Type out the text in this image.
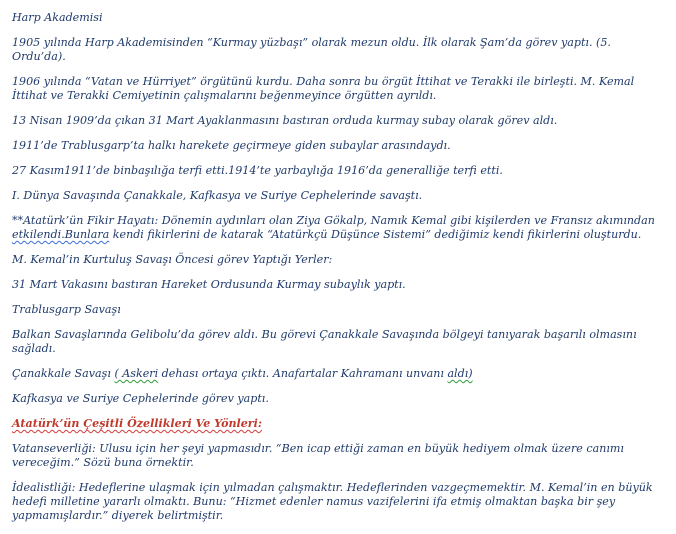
Harp Akademisi

1905 yılında Harp Akademisinden “Kurmay yüzbaşı” olarak mezun oldu. İlk olarak Şam’da görev yaptı. (5. Ordu’da).

1906 yılında “Vatan ve Hürriyet” örgütünü kurdu. Daha sonra bu örgüt İttihat ve Terakki ile birleşti. M. Kemal İttihat ve Terakki Cemiyetinin çalışmalarını beğenmeyince örgütten ayrıldı.

13 Nisan 1909’da çıkan 31 Mart Ayaklanmasını bastıran orduda kurmay subay olarak görev aldı.

1911’de Trablusgarp’ta halkı harekete geçirmeye giden subaylar arasındaydı.

27 Kasım1911’de binbaşılığa terfi etti.1914’te yarbaylığa 1916’da generalliğe terfi etti.

I. Dünya Savaşında Çanakkale, Kafkasya ve Suriye Cephelerinde savaştı.

**Atatürk’ün Fikir Hayatı: Dönemin aydınları olan Ziya Gökalp, Namık Kemal gibi kişilerden ve Fransız akımından etkilendi.Bunlara kendi fikirlerini de katarak “Atatürkçü Düşünce Sistemi” dediğimiz kendi fikirlerini oluşturdu.

M. Kemal’in Kurtuluş Savaşı Öncesi görev Yaptığı Yerler:

31 Mart Vakasını bastıran Hareket Ordusunda Kurmay subaylık yaptı.

Trablusgarp Savaşı

Balkan Savaşlarında Gelibolu’da görev aldı. Bu görevi Çanakkale Savaşında bölgeyi tanıyarak başarılı olmasını sağladı.

Çanakkale Savaşı ( Askeri dehası ortaya çıktı. Anafartalar Kahramanı unvanı aldı)

Kafkasya ve Suriye Cephelerinde görev yaptı.

Atatürk’ün Çeşitli Özellikleri Ve Yönleri:

Vatanseverliği: Ulusu için her şeyi yapmasıdır. “Ben icap ettiği zaman en büyük hediyem olmak üzere canımı vereceğim.” Sözü buna örnektir.

İdealistliği: Hedeflerine ulaşmak için yılmadan çalışmaktır. Hedeflerinden vazgeçmemektir. M. Kemal’in en büyük hedefi milletine yararlı olmaktı. Bunu: “Hizmet edenler namus vazifelerini ifa etmiş olmaktan başka bir şey yapmamışlardır.” diyerek belirtmiştir.
